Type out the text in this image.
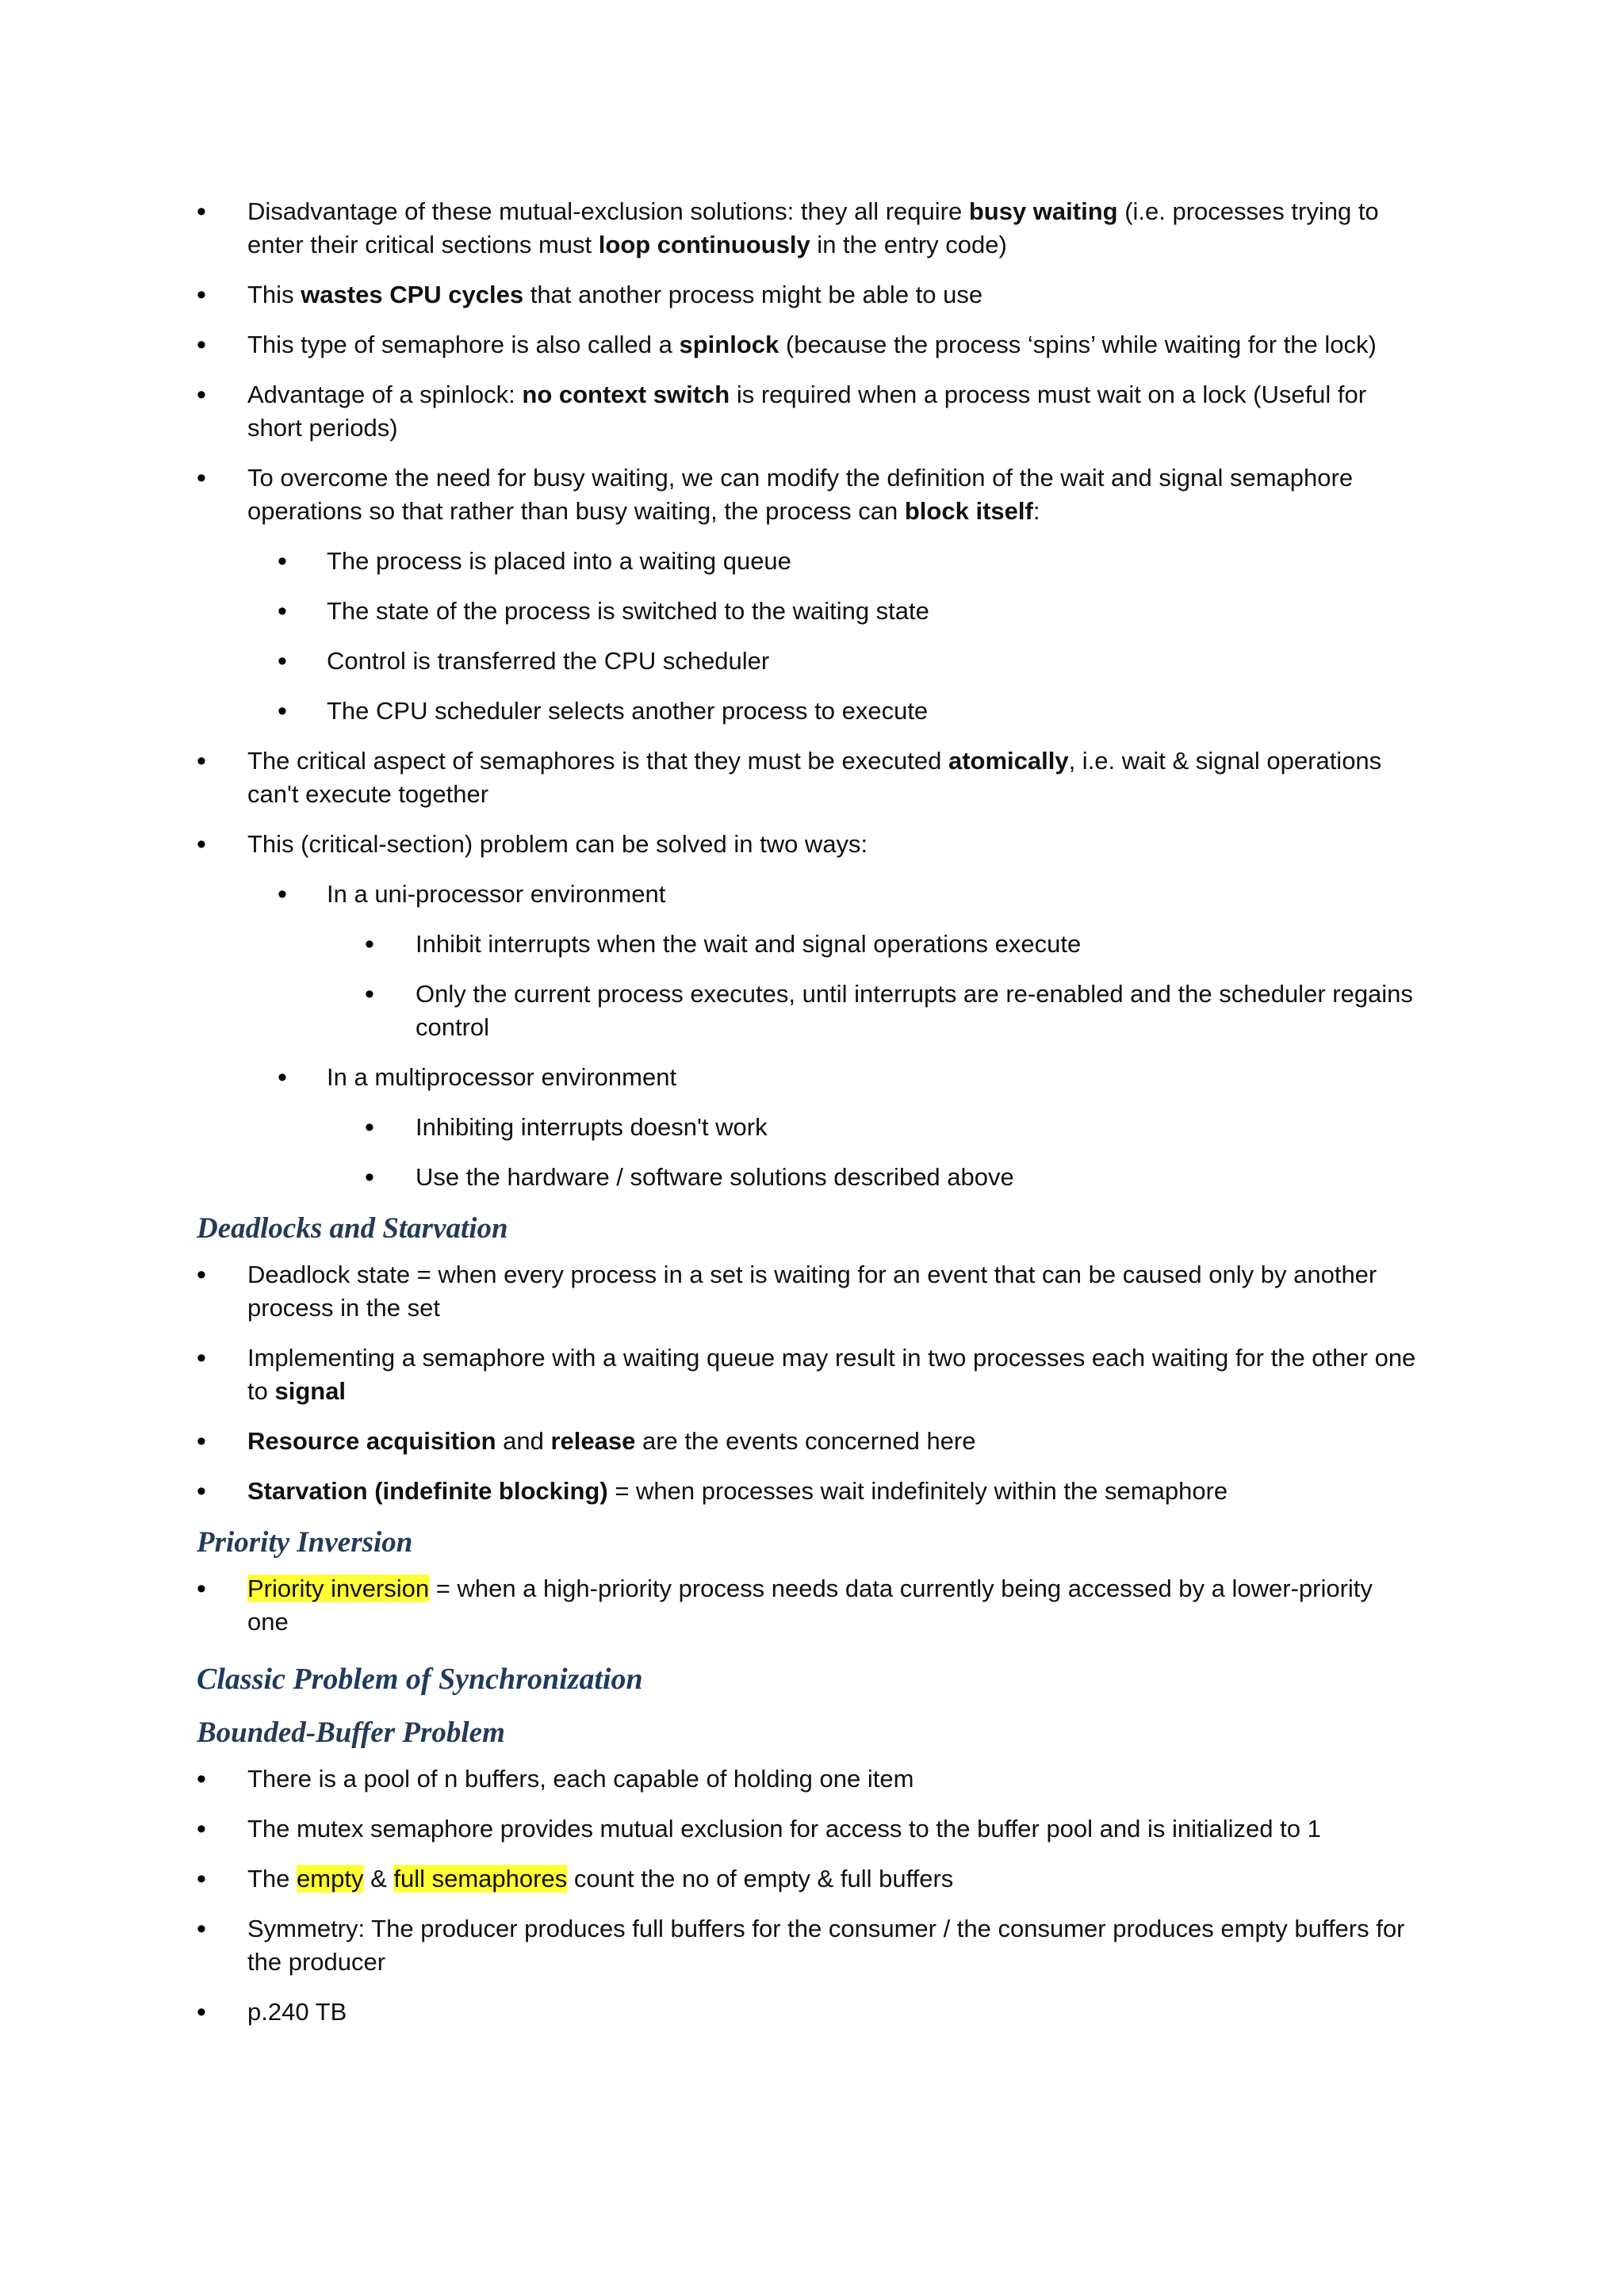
• Disadvantage of these mutual-exclusion solutions: they all require busy waiting (i.e. processes trying to enter their critical sections must loop continuously in the entry code)

• This wastes CPU cycles that another process might be able to use

• This type of semaphore is also called a spinlock (because the process ‘spins’ while waiting for the lock)

• Advantage of a spinlock: no context switch is required when a process must wait on a lock (Useful for short periods)

• To overcome the need for busy waiting, we can modify the definition of the wait and signal semaphore operations so that rather than busy waiting, the process can block itself:

• The process is placed into a waiting queue

• The state of the process is switched to the waiting state

• Control is transferred the CPU scheduler

• The CPU scheduler selects another process to execute

• The critical aspect of semaphores is that they must be executed atomically, i.e. wait & signal operations can't execute together

• This (critical-section) problem can be solved in two ways:

• In a uni-processor environment

• Inhibit interrupts when the wait and signal operations execute

• Only the current process executes, until interrupts are re-enabled and the scheduler regains control

• In a multiprocessor environment

• Inhibiting interrupts doesn't work

• Use the hardware / software solutions described above

Deadlocks and Starvation

• Deadlock state = when every process in a set is waiting for an event that can be caused only by another process in the set

• Implementing a semaphore with a waiting queue may result in two processes each waiting for the other one to signal

• Resource acquisition and release are the events concerned here

• Starvation (indefinite blocking) = when processes wait indefinitely within the semaphore

Priority Inversion

• Priority inversion = when a high-priority process needs data currently being accessed by a lower-priority one

Classic Problem of Synchronization
Bounded-Buffer Problem

• There is a pool of n buffers, each capable of holding one item

• The mutex semaphore provides mutual exclusion for access to the buffer pool and is initialized to 1

• The empty & full semaphores count the no of empty & full buffers

• Symmetry: The producer produces full buffers for the consumer / the consumer produces empty buffers for the producer

• p.240 TB
